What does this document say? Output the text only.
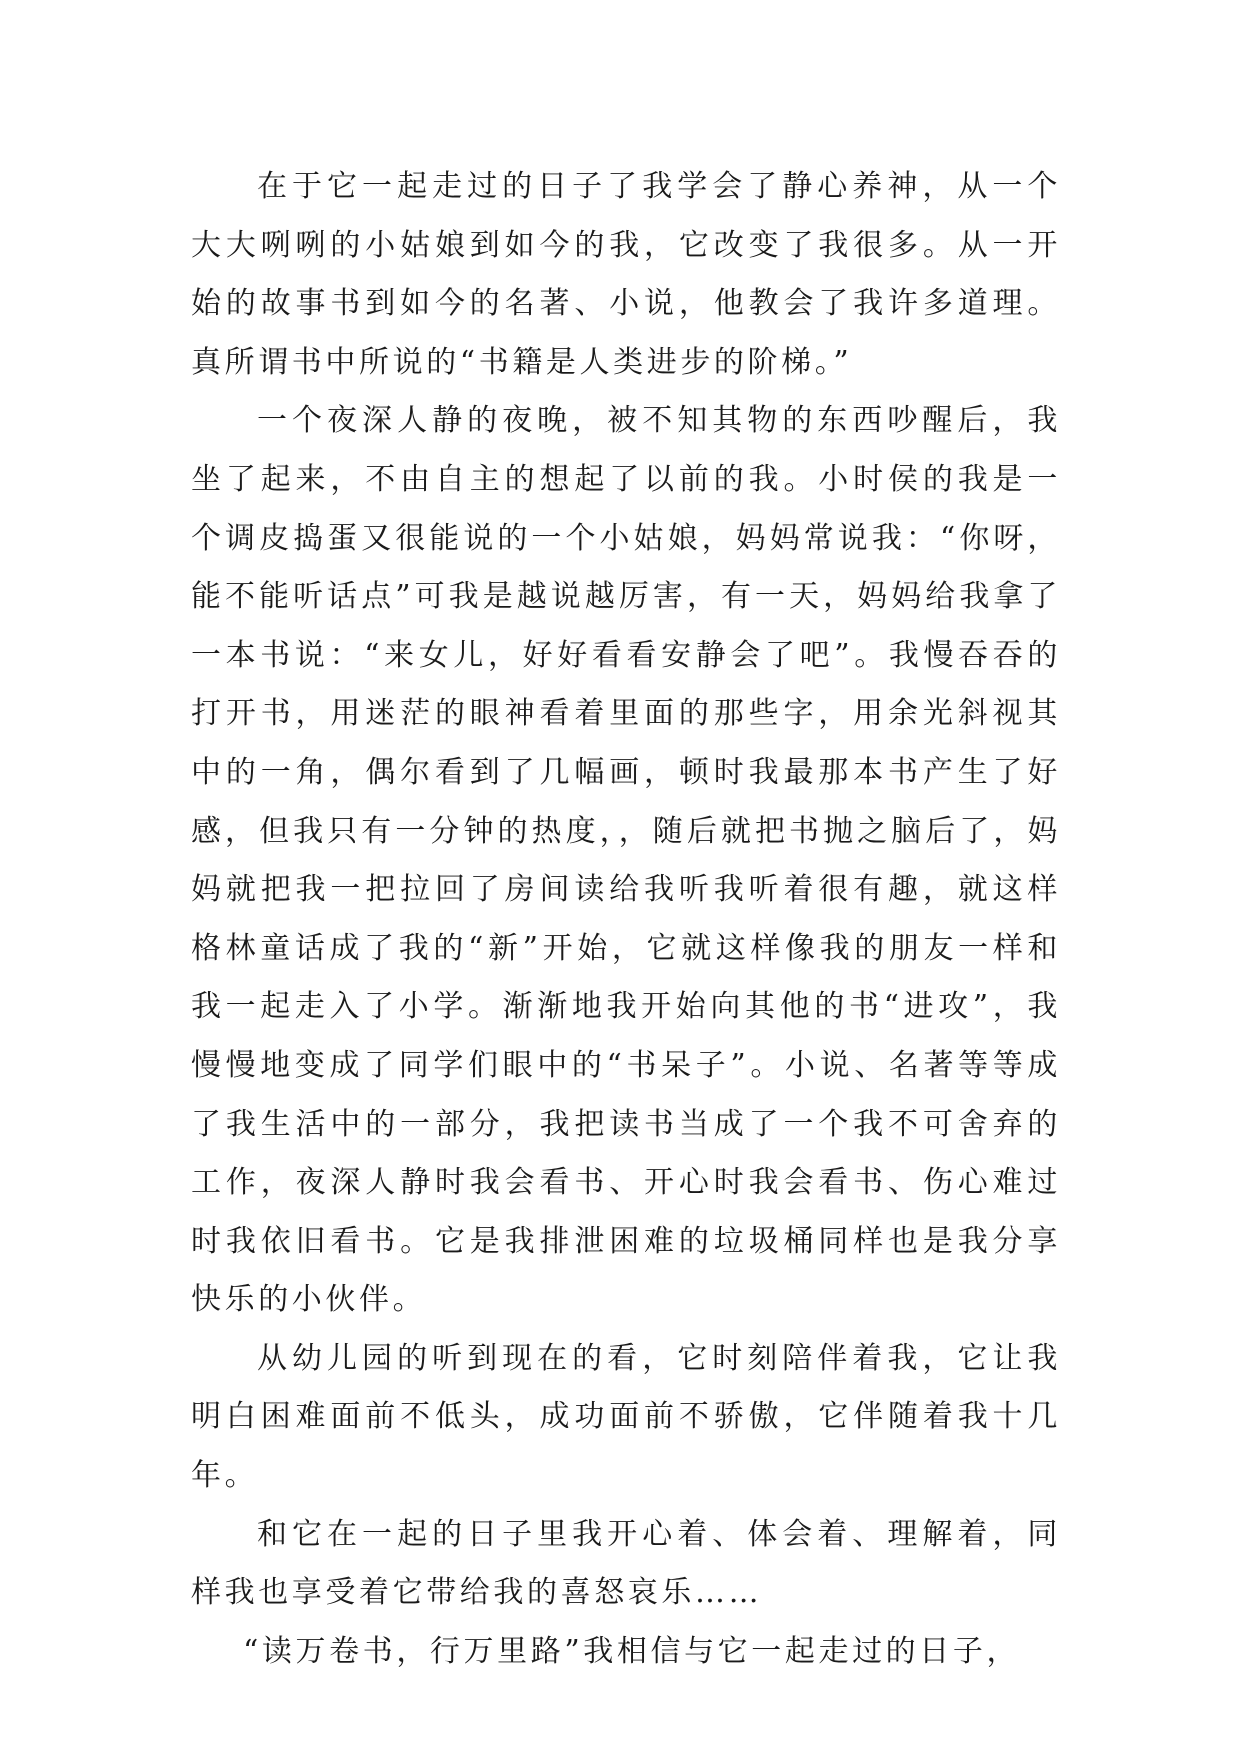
在于它一起走过的日子了我学会了静心养神，从一个大大咧咧的小姑娘到如今的我，它改变了我很多。从一开始的故事书到如今的名著、小说，他教会了我许多道理。真所谓书中所说的“书籍是人类进步的阶梯。”

一个夜深人静的夜晚，被不知其物的东西吵醒后，我坐了起来，不由自主的想起了以前的我。小时侯的我是一个调皮捣蛋又很能说的一个小姑娘，妈妈常说我：“你呀，能不能听话点”可我是越说越厉害，有一天，妈妈给我拿了一本书说：“来女儿，好好看看安静会了吧”。我慢吞吞的打开书，用迷茫的眼神看着里面的那些字，用余光斜视其中的一角，偶尔看到了几幅画，顿时我最那本书产生了好感，但我只有一分钟的热度，，随后就把书抛之脑后了，妈妈就把我一把拉回了房间读给我听我听着很有趣，就这样格林童话成了我的“新”开始，它就这样像我的朋友一样和我一起走入了小学。渐渐地我开始向其他的书“进攻”，我慢慢地变成了同学们眼中的“书呆子”。小说、名著等等成了我生活中的一部分，我把读书当成了一个我不可舍弃的工作，夜深人静时我会看书、开心时我会看书、伤心难过时我依旧看书。它是我排泄困难的垃圾桶同样也是我分享快乐的小伙伴。

从幼儿园的听到现在的看，它时刻陪伴着我，它让我明白困难面前不低头，成功面前不骄傲，它伴随着我十几年。

和它在一起的日子里我开心着、体会着、理解着，同样我也享受着它带给我的喜怒哀乐……

“读万卷书，行万里路”我相信与它一起走过的日子，
